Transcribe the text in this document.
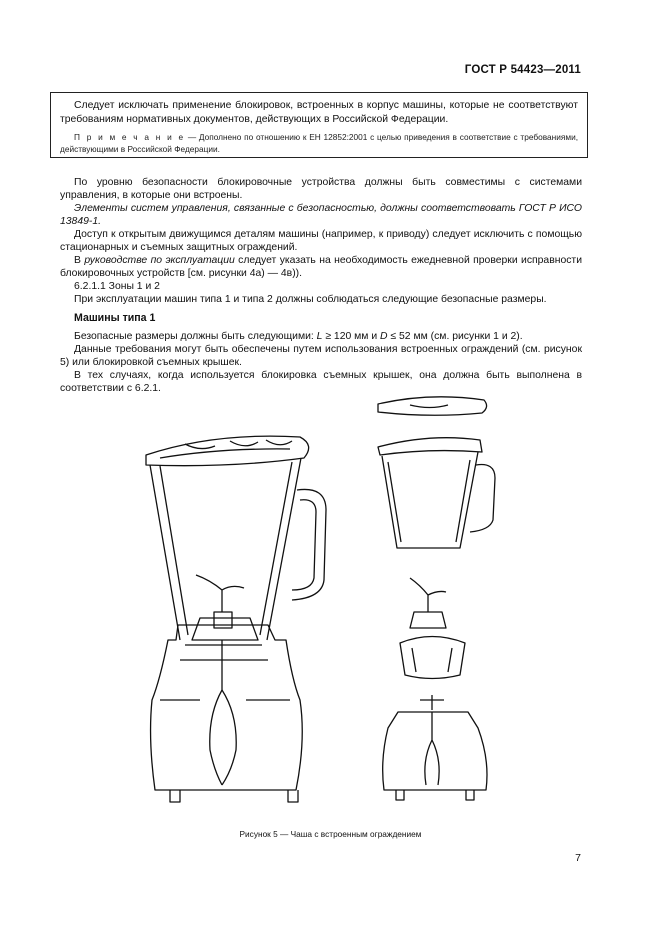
ГОСТ Р 54423—2011

Следует исключать применение блокировок, встроенных в корпус машины, которые не соответствуют требованиям нормативных документов, действующих в Российской Федерации.

П р и м е ч а н и е — Дополнено по отношению к ЕН 12852:2001 с целью приведения в соответствие с требованиями, действующими в Российской Федерации.

По уровню безопасности блокировочные устройства должны быть совместимы с системами управления, в которые они встроены.

Элементы систем управления, связанные с безопасностью, должны соответствовать ГОСТ Р ИСО 13849-1.

Доступ к открытым движущимся деталям машины (например, к приводу) следует исключить с помощью стационарных и съемных защитных ограждений.

В руководстве по эксплуатации следует указать на необходимость ежедневной проверки исправности блокировочных устройств [см. рисунки 4а) — 4в)).

6.2.1.1 Зоны 1 и 2

При эксплуатации машин типа 1 и типа 2 должны соблюдаться следующие безопасные размеры.

Машины типа 1

Безопасные размеры должны быть следующими: L ≥ 120 мм и D ≤ 52 мм (см. рисунки 1 и 2).

Данные требования могут быть обеспечены путем использования встроенных ограждений (см. рисунок 5) или блокировкой съемных крышек.

В тех случаях, когда используется блокировка съемных крышек, она должна быть выполнена в соответствии с 6.2.1.

Рисунок 5 — Чаша с встроенным ограждением
7
